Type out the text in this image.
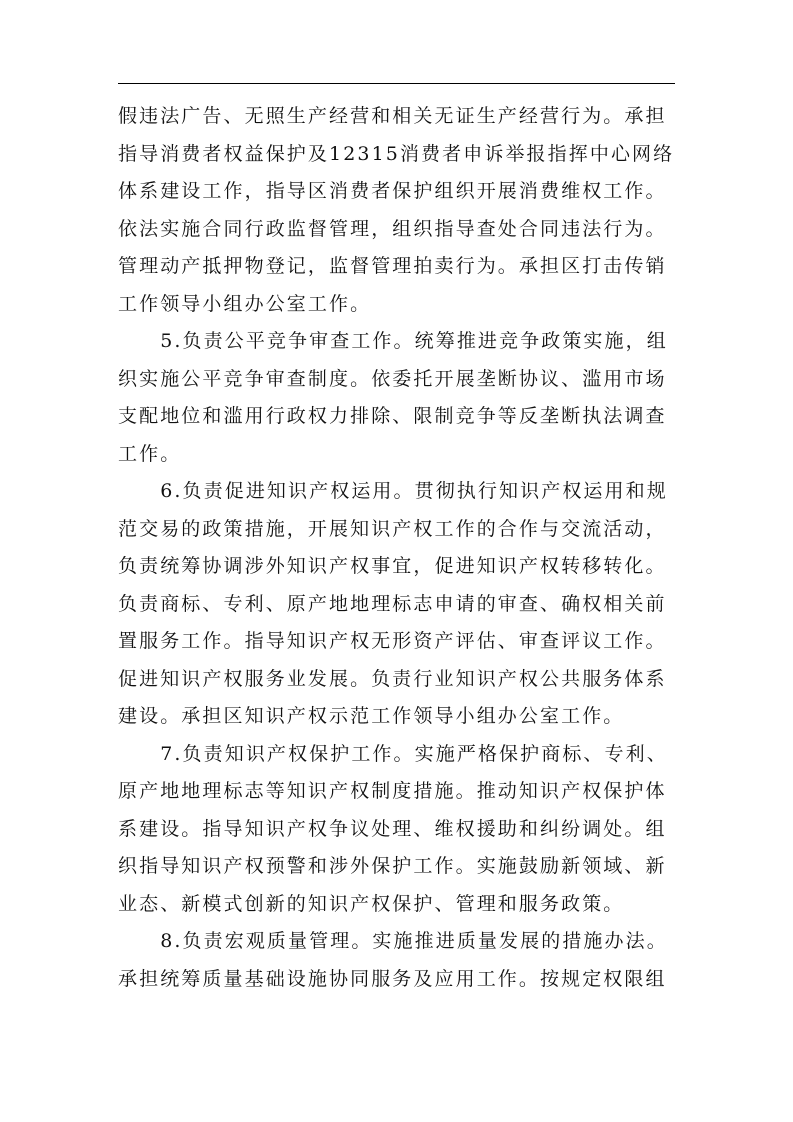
假违法广告、无照生产经营和相关无证生产经营行为。承担
指导消费者权益保护及12315消费者申诉举报指挥中心网络
体系建设工作，指导区消费者保护组织开展消费维权工作。
依法实施合同行政监督管理，组织指导查处合同违法行为。
管理动产抵押物登记，监督管理拍卖行为。承担区打击传销
工作领导小组办公室工作。
　　5.负责公平竞争审查工作。统筹推进竞争政策实施，组
织实施公平竞争审查制度。依委托开展垄断协议、滥用市场
支配地位和滥用行政权力排除、限制竞争等反垄断执法调查
工作。
　　6.负责促进知识产权运用。贯彻执行知识产权运用和规
范交易的政策措施，开展知识产权工作的合作与交流活动，
负责统筹协调涉外知识产权事宜，促进知识产权转移转化。
负责商标、专利、原产地地理标志申请的审查、确权相关前
置服务工作。指导知识产权无形资产评估、审查评议工作。
促进知识产权服务业发展。负责行业知识产权公共服务体系
建设。承担区知识产权示范工作领导小组办公室工作。
　　7.负责知识产权保护工作。实施严格保护商标、专利、
原产地地理标志等知识产权制度措施。推动知识产权保护体
系建设。指导知识产权争议处理、维权援助和纠纷调处。组
织指导知识产权预警和涉外保护工作。实施鼓励新领域、新
业态、新模式创新的知识产权保护、管理和服务政策。
　　8.负责宏观质量管理。实施推进质量发展的措施办法。
承担统筹质量基础设施协同服务及应用工作。按规定权限组
